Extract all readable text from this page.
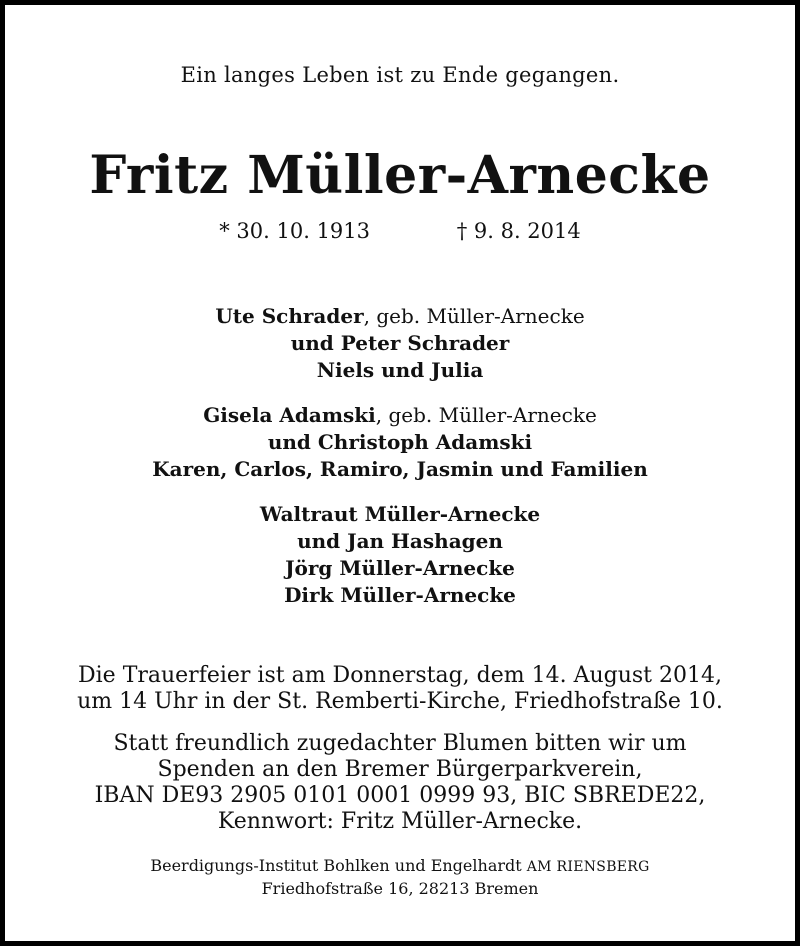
Ein langes Leben ist zu Ende gegangen.
Fritz Müller-Arnecke
* 30. 10. 1913	† 9. 8. 2014
Ute Schrader, geb. Müller-Arnecke
und Peter Schrader
Niels und Julia
Gisela Adamski, geb. Müller-Arnecke
und Christoph Adamski
Karen, Carlos, Ramiro, Jasmin und Familien
Waltraut Müller-Arnecke
und Jan Hashagen
Jörg Müller-Arnecke
Dirk Müller-Arnecke
Die Trauerfeier ist am Donnerstag, dem 14. August 2014,
um 14 Uhr in der St. Remberti-Kirche, Friedhofstraße 10.
Statt freundlich zugedachter Blumen bitten wir um
Spenden an den Bremer Bürgerparkverein,
IBAN DE93 2905 0101 0001 0999 93, BIC SBREDE22,
Kennwort: Fritz Müller-Arnecke.
Beerdigungs-Institut Bohlken und Engelhardt AM RIENSBERG
Friedhofstraße 16, 28213 Bremen
